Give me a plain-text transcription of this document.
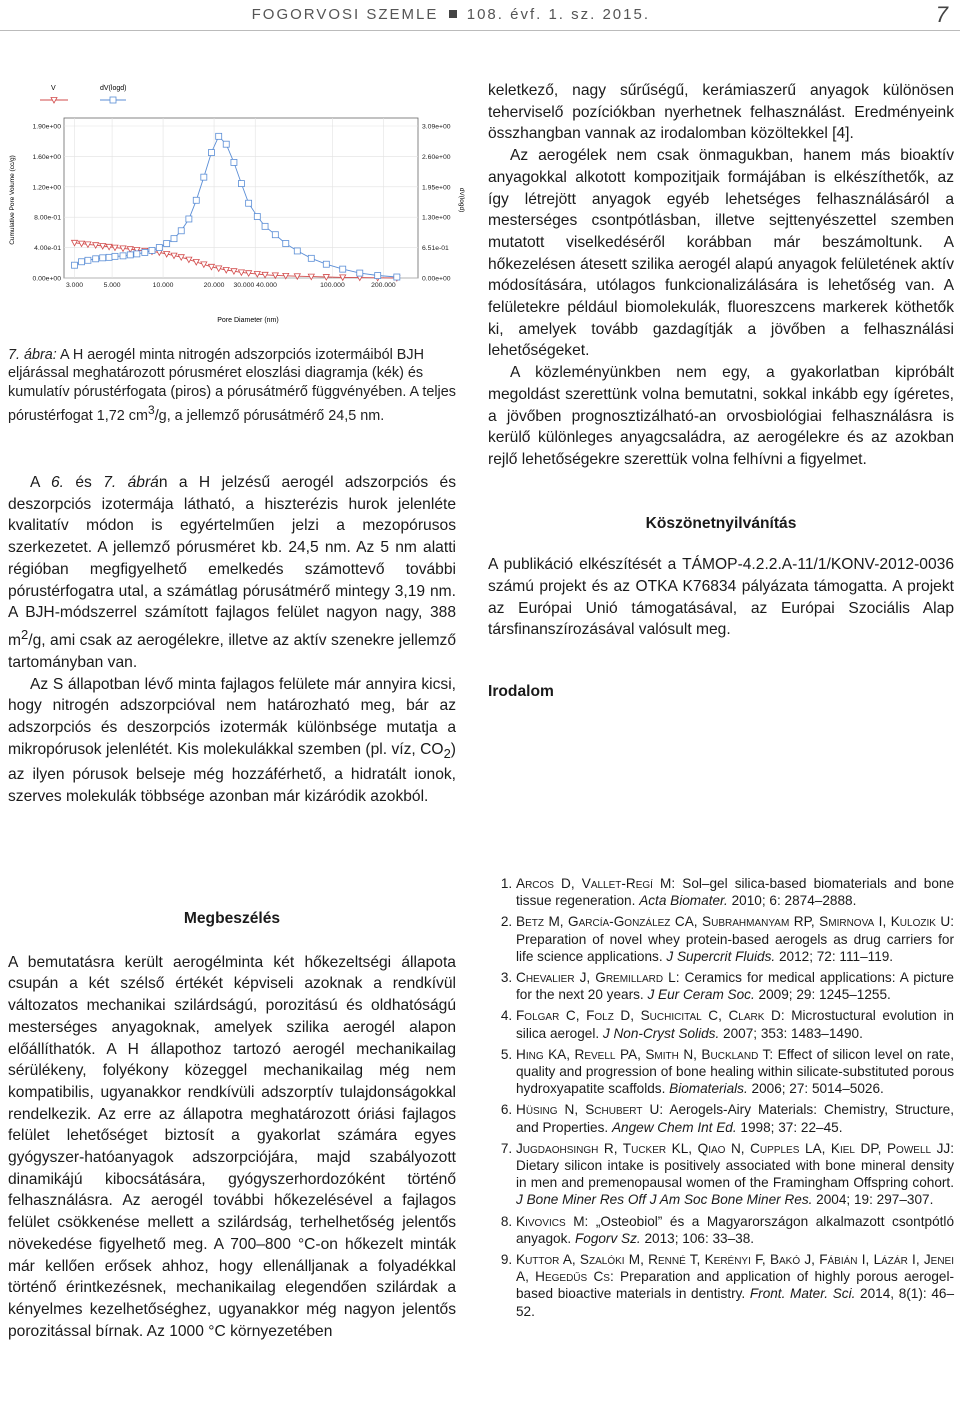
FOGORVOSI SZEMLE 108. évf. 1. sz. 2015.	7
0.00e+00
4.00e-01
8.00e-01
1.20e+00
1.60e+00
1.90e+00
0.00e+00
6.51e-01
1.30e+00
1.95e+00
2.60e+00
3.09e+00
3.000	5.000	10.000	20.000 30.000 40.000	100.000	200.000
V	dV(logd)
Pore Diameter (nm)
Cumulative Pore Volume (cc/g)	dV(logd)
7. ábra: A H aerogél minta nitrogén adszorpciós izotermáiból BJH eljárással meghatározott pórusméret eloszlási diagramja (kék) és kumulatív pórustérfogata (piros) a pórusátmérő függvényében. A teljes pórustérfogat 1,72 $cm^3/g$, a jellemző pórusátmérő 24,5 nm.

A 6. és 7. ábrán a H jelzésű aerogél adszorpciós és deszorpciós izotermája látható, a hiszterézis hurok jelenléte kvalitatív módon is egyértelműen jelzi a mezopórusos szerkezetet. A jellemző pórusméret kb. 24,5 nm. Az 5 nm alatti régióban megfigyelhető emelkedés számottevő további pórustérfogatra utal, a számátlag pórusátmérő mintegy 3,19 nm. A BJH-módszerrel számított fajlagos felület nagyon nagy, 388 $m^2/g$, ami csak az aerogélekre, illetve az aktív szenekre jellemző tartományban van.

Az S állapotban lévő minta fajlagos felülete már annyira kicsi, hogy nitrogén adszorpcióval nem határozható meg, bár az adszorpciós és deszorpciós izotermák különbsége mutatja a mikropórusok jelenlétét. Kis molekulákkal szemben (pl. víz, $CO_2$) az ilyen pórusok belseje még hozzáférhető, a hidratált ionok, szerves molekulák többsége azonban már kizáródik azokból.

Megbeszélés

A bemutatásra került aerogélminta két hőkezeltségi állapota csupán a két szélső értékét képviseli azoknak a rendkívül változatos mechanikai szilárdságú, porozitású és oldhatóságú mesterséges anyagoknak, amelyek szilika aerogél alapon előállíthatók. A H állapothoz tartozó aerogél mechanikailag sérülékeny, folyékony közeggel mechanikailag még nem kompatibilis, ugyanakkor rendkívüli adszorptív tulajdonságokkal rendelkezik. Az erre az állapotra meghatározott óriási fajlagos felület lehetőséget biztosít a gyakorlat számára egyes gyógyszer-hatóanyagok adszorpciójára, majd szabályozott dinamikájú kibocsátására, gyógyszerhordozóként történő felhasználásra. Az aerogél további hőkezelésével a fajlagos felület csökkenése mellett a szilárdság, terhelhetőség jelentős növekedése figyelhető meg. A 700–800 °C-on hőkezelt minták már kellően erősek ahhoz, hogy ellenálljanak a folyadékkal történő érintkezésnek, mechanikailag elegendően szilárdak a kényelmes kezelhetőséghez, ugyanakkor még nagyon jelentős porozitással bírnak. Az 1000 °C környezetében

keletkező, nagy sűrűségű, kerámiaszerű anyagok különösen teherviselő pozíciókban nyerhetnek felhasználást. Eredményeink összhangban vannak az irodalomban közöltekkel [4].

Az aerogélek nem csak önmagukban, hanem más bioaktív anyagokkal alkotott kompozitjaik formájában is elkészíthetők, az így létrejött anyagok egyéb lehetséges felhasználásáról a mesterséges csontpótlásban, illetve sejttenyészettel szemben mutatott viselkedéséről korábban már beszámoltunk. A hőkezelésen átesett szilika aerogél alapú anyagok felületének aktív módosítására, utólagos funkcionalizálására is lehetőség van. A felületekre például biomolekulák, fluoreszcens markerek köthetők ki, amelyek tovább gazdagítják a jövőben a felhasználási lehetőségeket.

A közleményünkben nem egy, a gyakorlatban kipróbált megoldást szerettünk volna bemutatni, sokkal inkább egy ígéretes, a jövőben prognosztizálható-an orvosbiológiai felhasználásra is kerülő különleges anyagcsaládra, az aerogélekre és az azokban rejlő lehetőségekre szerettük volna felhívni a figyelmet.

Köszönetnyilvánítás

A publikáció elkészítését a TÁMOP-4.2.2.A-11/1/KONV-2012-0036 számú projekt és az OTKA K76834 pályázata támogatta. A projekt az Európai Unió támogatásával, az Európai Szociális Alap társfinanszírozásával valósult meg.

Irodalom
1. Arcos D, Vallet-Regí M: Sol–gel silica-based biomaterials and bone tissue regeneration. Acta Biomater. 2010; 6: 2874–2888.
2. Betz M, García-González CA, Subrahmanyam RP, Smirnova I, Kulozik U: Preparation of novel whey protein-based aerogels as drug carriers for life science applications. J Supercrit Fluids. 2012; 72: 111–119.
3. Chevalier J, Gremillard L: Ceramics for medical applications: A picture for the next 20 years. J Eur Ceram Soc. 2009; 29: 1245–1255.
4. Folgar C, Folz D, Suchicital C, Clark D: Microstuctural evolution in silica aerogel. J Non-Cryst Solids. 2007; 353: 1483–1490.
5. Hing KA, Revell PA, Smith N, Buckland T: Effect of silicon level on rate, quality and progression of bone healing within silicate-substituted porous hydroxyapatite scaffolds. Biomaterials. 2006; 27: 5014–5026.
6. Hüsing N, Schubert U: Aerogels-Airy Materials: Chemistry, Structure, and Properties. Angew Chem Int Ed. 1998; 37: 22–45.
7. Jugdaohsingh R, Tucker KL, Qiao N, Cupples LA, Kiel DP, Powell JJ: Dietary silicon intake is positively associated with bone mineral density in men and premenopausal women of the Framingham Offspring cohort. J Bone Miner Res Off J Am Soc Bone Miner Res. 2004; 19: 297–307.
8. Kivovics M: „Osteobiol” és a Magyarországon alkalmazott csontpótló anyagok. Fogorv Sz. 2013; 106: 33–38.
9. Kuttor A, Szalóki M, Renné T, Kerényi F, Bakó J, Fábián I, Lázár I, Jenei A, Hegedűs Cs: Preparation and application of highly porous aerogel-based bioactive materials in dentistry. Front. Mater. Sci. 2014, 8(1): 46–52.
